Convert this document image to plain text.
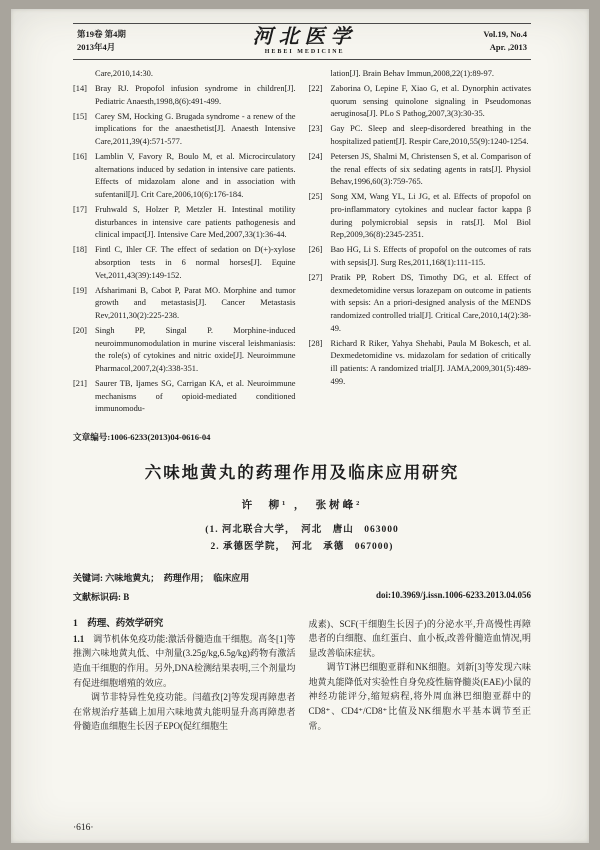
第19卷 第4期
2013年4月	河北医学
HEBEI MEDICINE
Vol.19, No.4
Apr. ,2013

Care,2010,14:30.

[14] Bray RJ. Propofol infusion syndrome in children[J]. Pediatric Anaesth,1998,8(6):491-499.

[15] Carey SM, Hocking G. Brugada syndrome - a renew of the implications for the anaesthetist[J]. Anaesth Intensive Care,2011,39(4):571-577.

[16] Lamblin V, Favory R, Boulo M, et al. Microcirculatory alternations induced by sedation in intensive care patients. Effects of midazolam alone and in association with sufentanil[J]. Crit Care,2006,10(6):176-184.

[17] Fruhwald S, Holzer P, Metzler H. Intestinal motility disturbances in intensive care patients pathogenesis and clinical impact[J]. Intensive Care Med,2007,33(1):36-44.

[18] Fintl C, Ihler CF. The effect of sedation on D(+)-xylose absorption tests in 6 normal horses[J]. Equine Vet,2011,43(39):149-152.

[19] Afsharimani B, Cabot P, Parat MO. Morphine and tumor growth and metastasis[J]. Cancer Metastasis Rev,2011,30(2):225-238.

[20] Singh PP, Singal P. Morphine-induced neuroimmunomodulation in murine visceral leishmaniasis: the role(s) of cytokines and nitric oxide[J]. Neuroimmune Pharmacol,2007,2(4):338-351.

[21] Saurer TB, Ijames SG, Carrigan KA, et al. Neuroimmune mechanisms of opioid-mediated conditioned immunomodu-

lation[J]. Brain Behav Immun,2008,22(1):89-97.

[22] Zaborina O, Lepine F, Xiao G, et al. Dynorphin activates quorum sensing quinolone signaling in Pseudomonas aeruginosa[J]. PLo S Pathog,2007,3(3):30-35.

[23] Gay PC. Sleep and sleep-disordered breathing in the hospitalized patient[J]. Respir Care,2010,55(9):1240-1254.

[24] Petersen JS, Shalmi M, Christensen S, et al. Comparison of the renal effects of six sedating agents in rats[J]. Physiol Behav,1996,60(3):759-765.

[25] Song XM, Wang YL, Li JG, et al. Effects of propofol on pro-inflammatory cytokines and nuclear factor kappa β during polymicrobial sepsis in rats[J]. Mol Biol Rep,2009,36(8):2345-2351.

[26] Bao HG, Li S. Effects of propofol on the outcomes of rats with sepsis[J]. Surg Res,2011,168(1):111-115.

[27] Pratik PP, Robert DS, Timothy DG, et al. Effect of dexmedetomidine versus lorazepam on outcome in patients with sepsis: An a priori-designed analysis of the MENDS randomized controlled trial[J]. Critical Care,2010,14(2):38-49.

[28] Richard R Riker, Yahya Shehabi, Paula M Bokesch, et al. Dexmedetomidine vs. midazolam for sedation of critically ill patients: A randomized trial[J]. JAMA,2009,301(5):489-499.

文章编号:1006-6233(2013)04-0616-04
六味地黄丸的药理作用及临床应用研究
许　柳¹ ，　张树峰²
(1. 河北联合大学，　河北　唐山　063000
2. 承德医学院，　河北　承德　067000)
关键词: 六味地黄丸；　药理作用；　临床应用
文献标识码: B	doi:10.3969/j.issn.1006-6233.2013.04.056

1　药理、药效学研究

1.1　调节机体免疫功能:激活骨髓造血干细胞。高冬[1]等推测六味地黄丸低、中剂量(3.25g/kg,6.5g/kg)药物有激活造血干细胞的作用。另外,DNA检测结果表明,三个剂量均有促进细胞增殖的效应。

调节非特异性免疫功能。闫蕴孜[2]等发现再障患者在常规治疗基础上加用六味地黄丸能明显升高再障患者骨髓造血细胞生长因子EPO(促红细胞生

成素)、SCF(干细胞生长因子)的分泌水平,升高慢性再障患者的白细胞、血红蛋白、血小板,改善骨髓造血情况,明显改善临床症状。

调节T淋巴细胞亚群和NK细胞。刘新[3]等发现六味地黄丸能降低对实验性自身免疫性脑脊髓炎(EAE)小鼠的神经功能评分,缩短病程,将外周血淋巴细胞亚群中的CD8⁺、CD4⁺/CD8⁺比值及NK细胞水平基本调节至正常。

·616·
